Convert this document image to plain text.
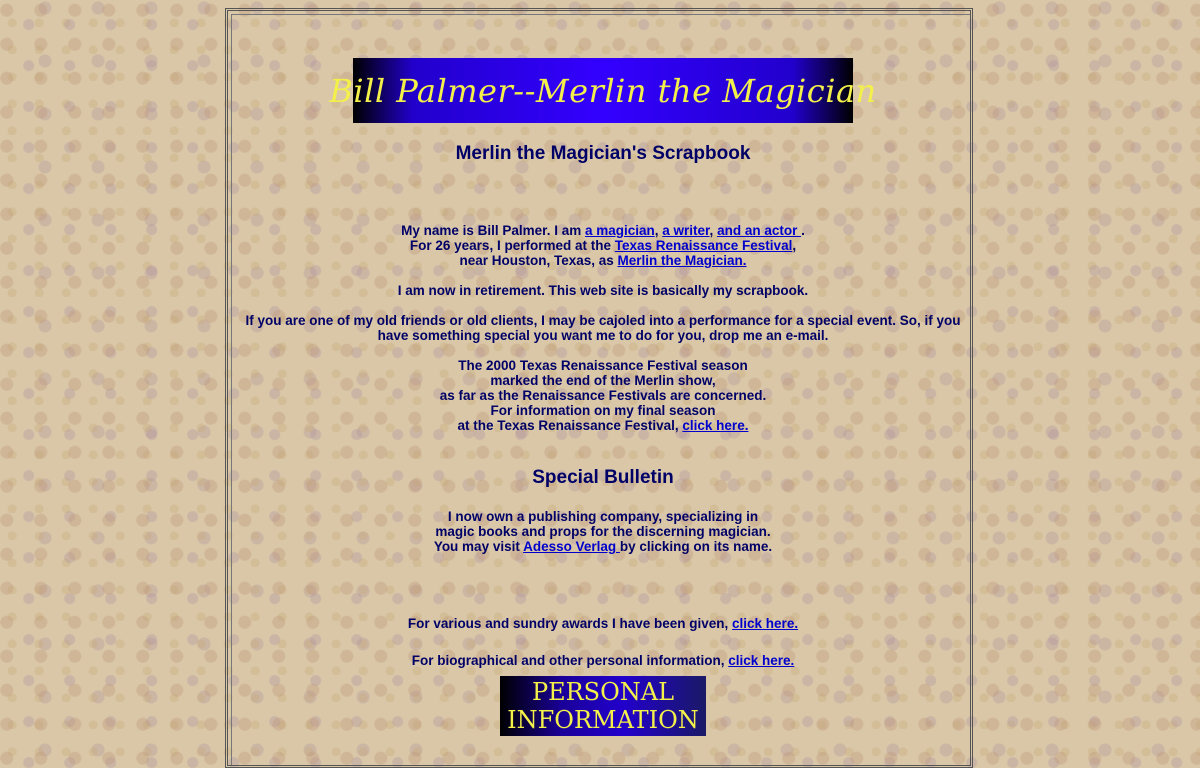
Bill Palmer--Merlin the Magician
Merlin the Magician's Scrapbook
My name is Bill Palmer. I am a magician, a writer, and an actor .
For 26 years, I performed at the Texas Renaissance Festival,
near Houston, Texas, as Merlin the Magician.
I am now in retirement. This web site is basically my scrapbook.
If you are one of my old friends or old clients, I may be cajoled into a performance for a special event. So, if you have something special you want me to do for you, drop me an e-mail.
The 2000 Texas Renaissance Festival season
marked the end of the Merlin show,
as far as the Renaissance Festivals are concerned.
For information on my final season
at the Texas Renaissance Festival, click here.
Special Bulletin
I now own a publishing company, specializing in
magic books and props for the discerning magician.
You may visit Adesso Verlag by clicking on its name.
For various and sundry awards I have been given, click here.
For biographical and other personal information, click here.
PERSONAL
INFORMATION
